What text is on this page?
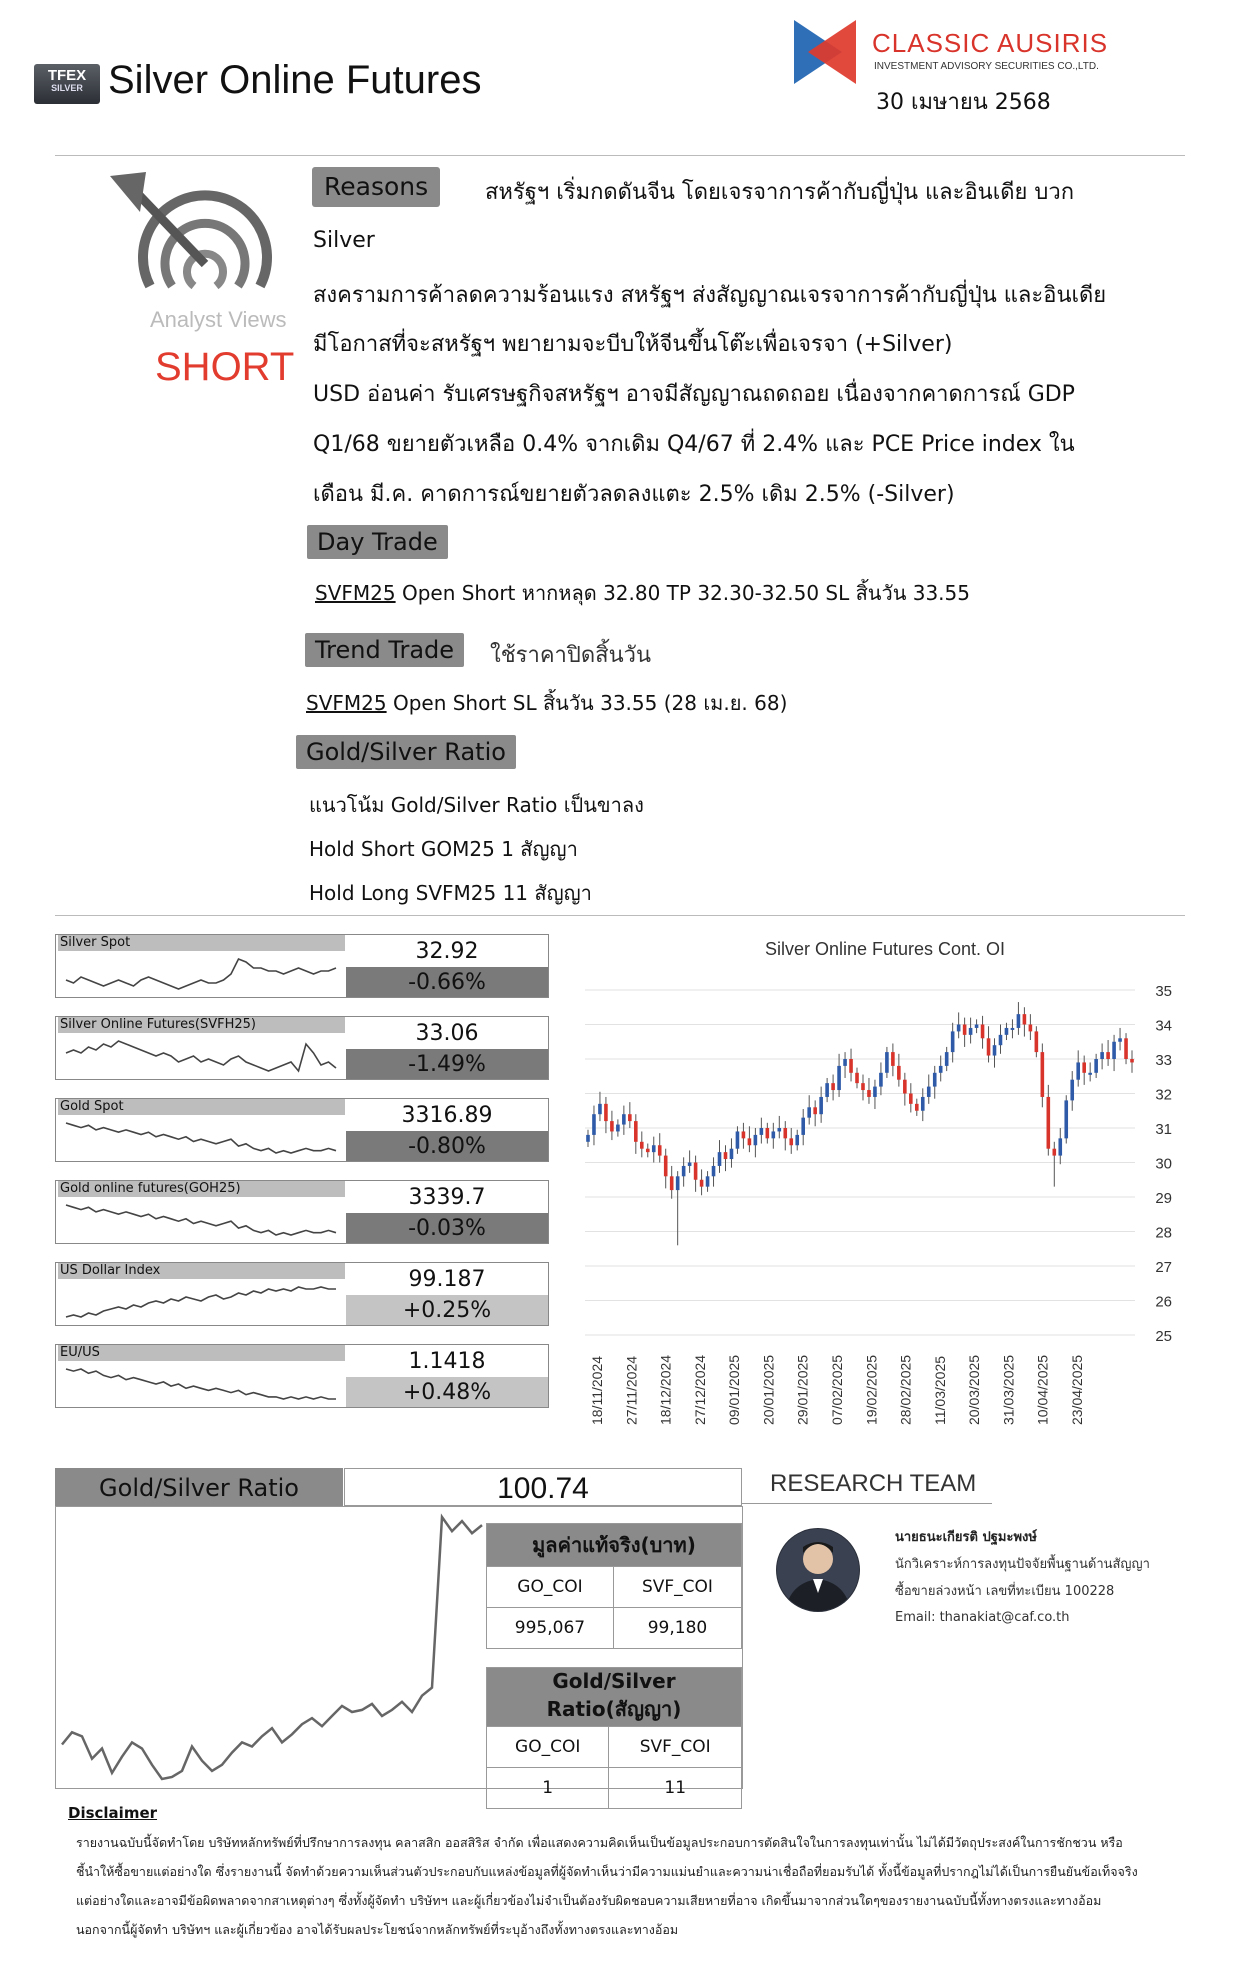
TFEX
SILVER Silver Online Futures
CLASSIC AUSIRIS
INVESTMENT ADVISORY SECURITIES CO.,LTD.
30 เมษายน 2568
Analyst Views
SHORT
Reasons	สหรัฐฯ เริ่มกดดันจีน โดยเจรจาการค้ากับญี่ปุ่น และอินเดีย บวก
Silver
สงครามการค้าลดความร้อนแรง สหรัฐฯ ส่งสัญญาณเจรจาการค้ากับญี่ปุ่น และอินเดีย
มีโอกาสที่จะสหรัฐฯ พยายามจะบีบให้จีนขึ้นโต๊ะเพื่อเจรจา (+Silver)
USD อ่อนค่า รับเศรษฐกิจสหรัฐฯ อาจมีสัญญาณถดถอย เนื่องจากคาดการณ์ GDP
Q1/68 ขยายตัวเหลือ 0.4% จากเดิม Q4/67 ที่ 2.4% และ PCE Price index ใน
เดือน มี.ค. คาดการณ์ขยายตัวลดลงแตะ 2.5% เดิม 2.5% (-Silver)
Day Trade
SVFM25 Open Short หากหลุด 32.80 TP 32.30-32.50 SL สิ้นวัน 33.55
Trend Trade	ใช้ราคาปิดสิ้นวัน
SVFM25 Open Short SL สิ้นวัน 33.55 (28 เม.ย. 68)
Gold/Silver Ratio
แนวโน้ม Gold/Silver Ratio เป็นขาลง
Hold Short GOM25 1 สัญญา
Hold Long SVFM25 11 สัญญา
Silver Spot	32.92
-0.66%
Silver Online Futures(SVFH25)	33.06
-1.49%
Gold Spot	3316.89
-0.80%
Gold online futures(GOH25)	3339.7
-0.03%
US Dollar Index	99.187
+0.25%
EU/US	1.1418
+0.48%
Silver Online Futures Cont. OI
25
26
27
28
29
30
31
32
33
34
35
18/11/2024 27/11/2024 18/12/2024 27/12/2024 09/01/2025 20/01/2025 29/01/2025 07/02/2025 19/02/2025 28/02/2025 11/03/2025 20/03/2025 31/03/2025 10/04/2025 23/04/2025
Gold/Silver Ratio	100.74
มูลค่าแท้จริง(บาท)	
GO_COI	SVF_COI
995,067	99,180
Gold/Silver Ratio(สัญญา)	
GO_COI	SVF_COI
1	11
RESEARCH TEAM
นายธนะเกียรติ ปฐมะพงษ์
นักวิเคราะห์การลงทุนปัจจัยพื้นฐานด้านสัญญา
ซื้อขายล่วงหน้า เลขที่ทะเบียน 100228
Email: thanakiat@caf.co.th
Disclaimer
รายงานฉบับนี้จัดทำโดย บริษัทหลักทรัพย์ที่ปรึกษาการลงทุน คลาสสิก ออสสิริส จำกัด เพื่อแสดงความคิดเห็นเป็นข้อมูลประกอบการตัดสินใจในการลงทุนเท่านั้น ไม่ได้มีวัตถุประสงค์ในการชักชวน หรือ
ชี้นำให้ซื้อขายแต่อย่างใด ซึ่งรายงานนี้ จัดทำด้วยความเห็นส่วนตัวประกอบกับแหล่งข้อมูลที่ผู้จัดทำเห็นว่ามีความแม่นยำและความน่าเชื่อถือที่ยอมรับได้ ทั้งนี้ข้อมูลที่ปรากฎไม่ได้เป็นการยืนยันข้อเท็จจริง
แต่อย่างใดและอาจมีข้อผิดพลาดจากสาเหตุต่างๆ ซึ่งทั้งผู้จัดทำ บริษัทฯ และผู้เกี่ยวข้องไม่จำเป็นต้องรับผิดชอบความเสียหายที่อาจ เกิดขึ้นมาจากส่วนใดๆของรายงานฉบับนี้ทั้งทางตรงและทางอ้อม
นอกจากนี้ผู้จัดทำ บริษัทฯ และผู้เกี่ยวข้อง อาจได้รับผลประโยชน์จากหลักทรัพย์ที่ระบุอ้างถึงทั้งทางตรงและทางอ้อม
